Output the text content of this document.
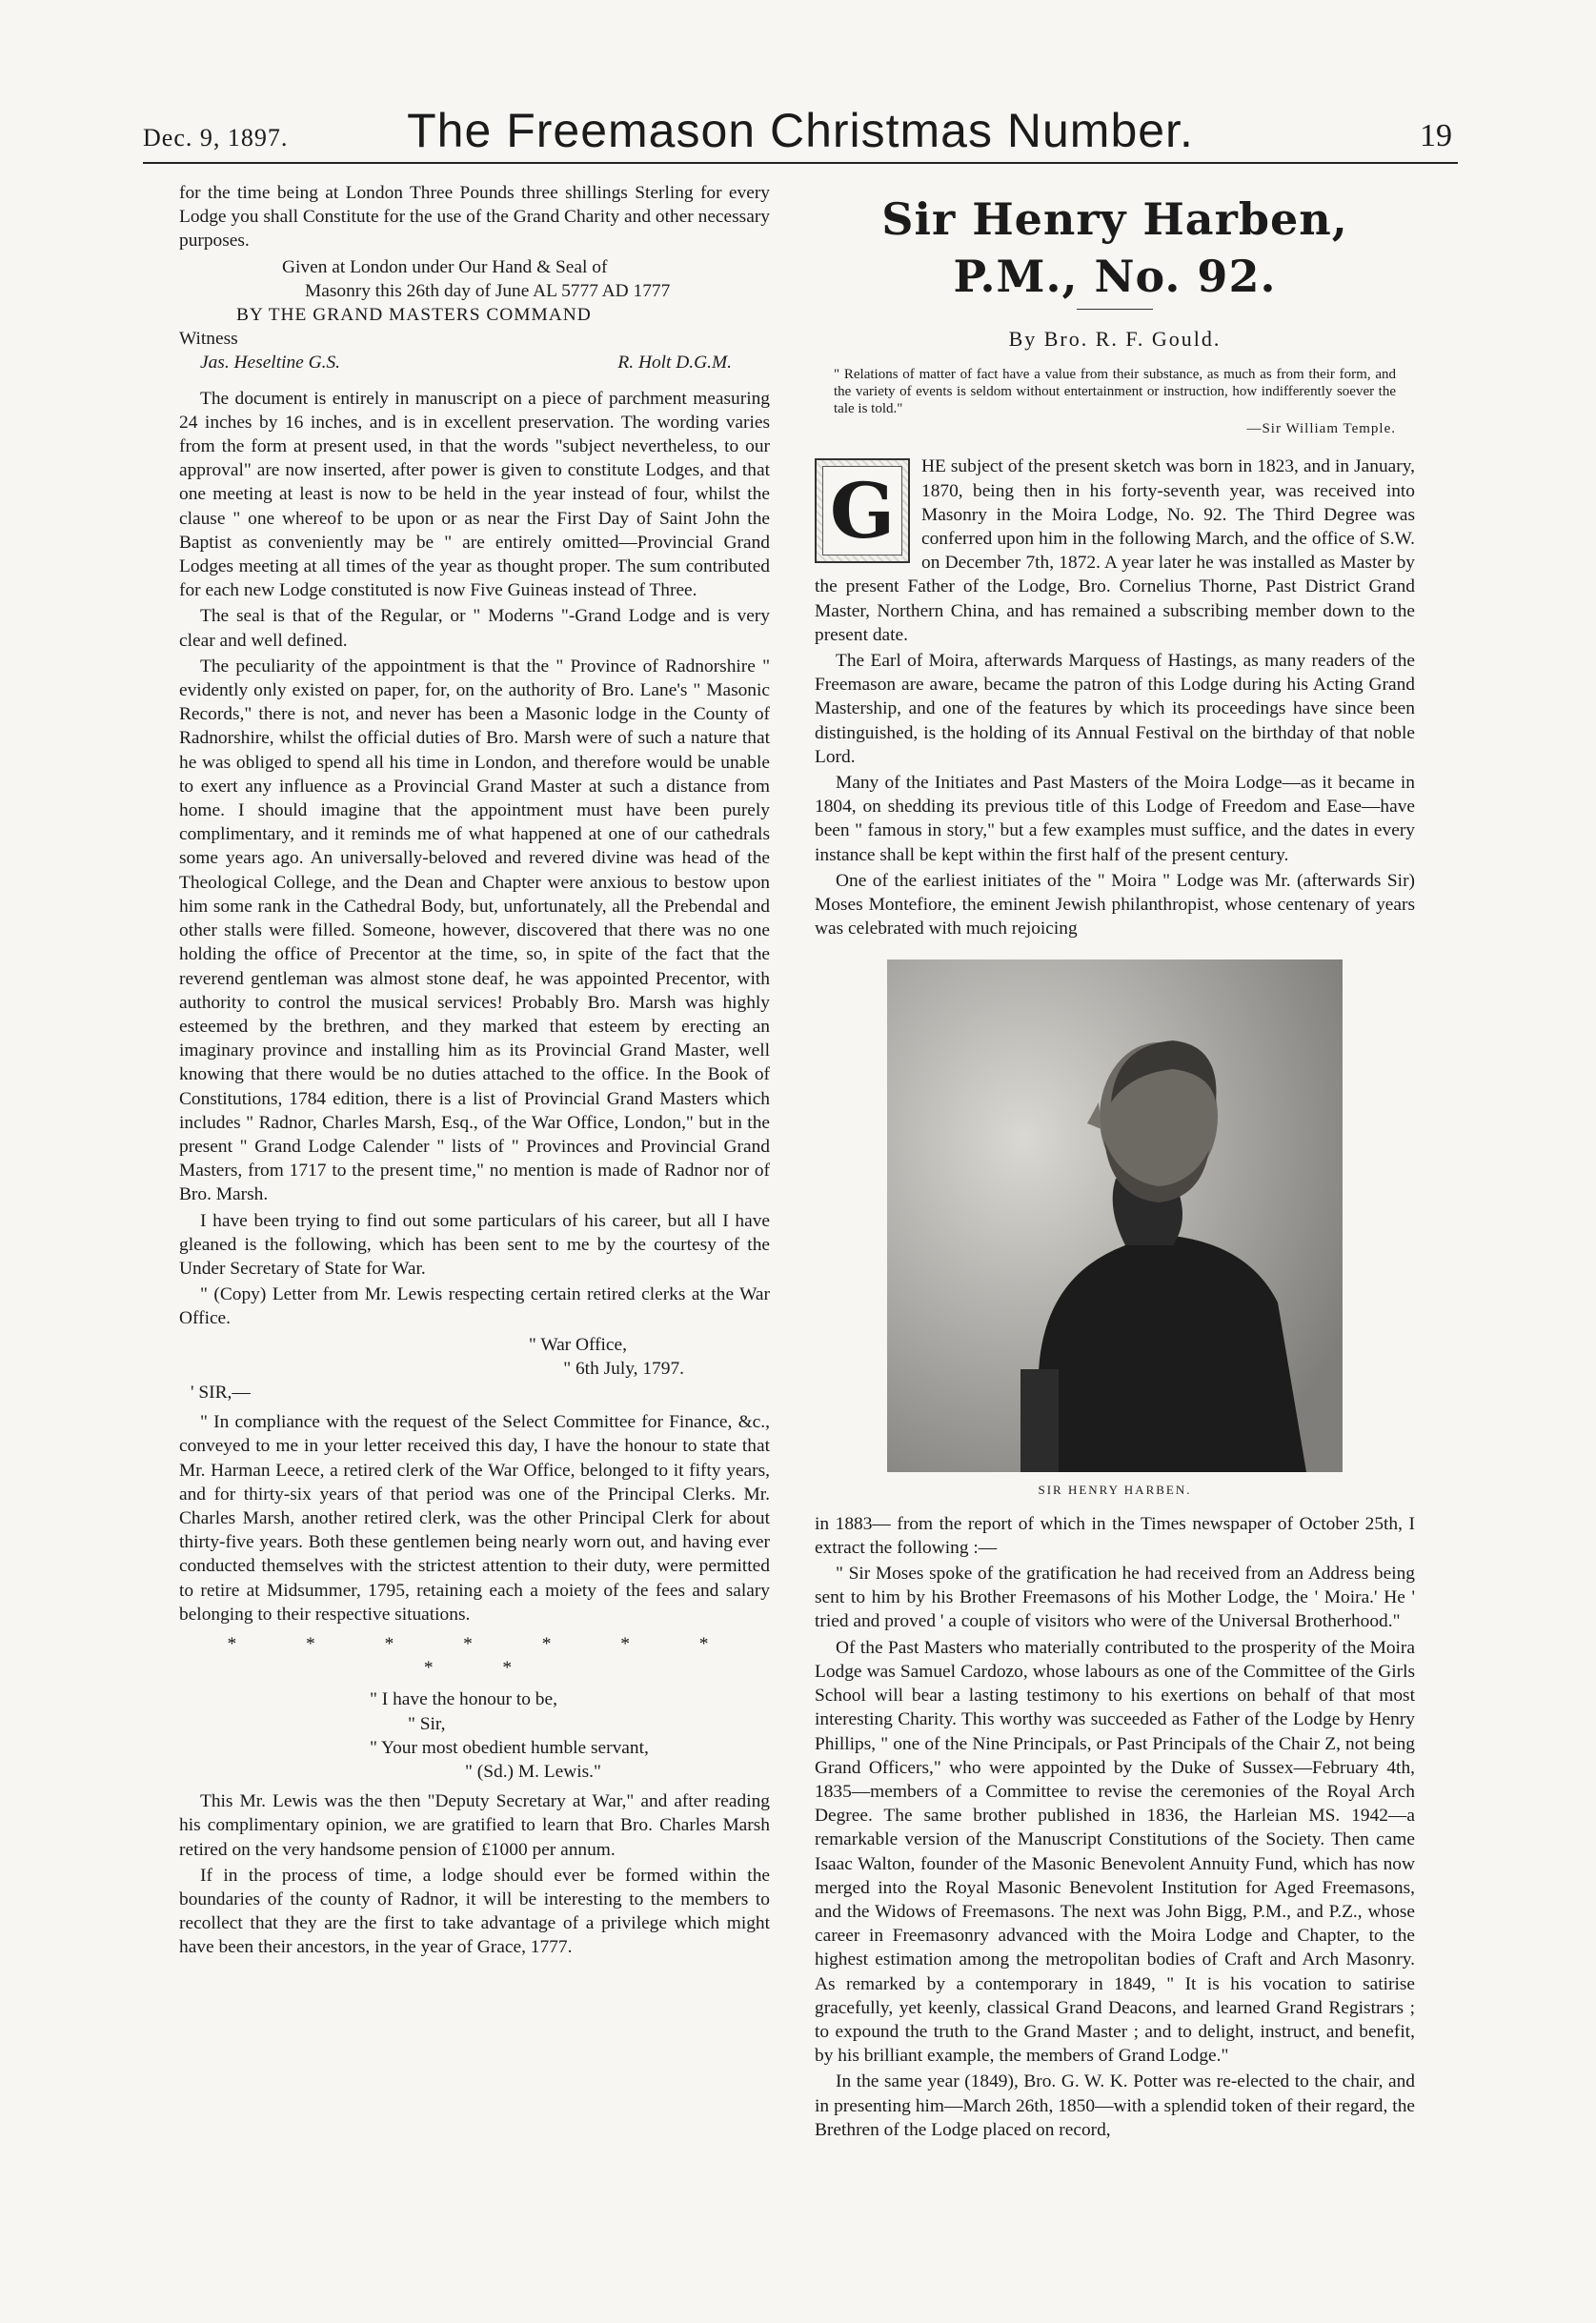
Dec. 9, 1897.	The Freemason Christmas Number.	19

for the time being at London Three Pounds three shillings Sterling for every Lodge you shall Constitute for the use of the Grand Charity and other necessary purposes.

Given at London under Our Hand & Seal of
Masonry this 26th day of June AL 5777 AD 1777
BY THE GRAND MASTERS COMMAND
Witness
Jas. Heseltine G.S.	R. Holt D.G.M.

The document is entirely in manuscript on a piece of parchment measuring 24 inches by 16 inches, and is in excellent preservation. The wording varies from the form at present used, in that the words "subject nevertheless, to our approval" are now inserted, after power is given to constitute Lodges, and that one meeting at least is now to be held in the year instead of four, whilst the clause " one whereof to be upon or as near the First Day of Saint John the Baptist as conveniently may be " are entirely omitted—Provincial Grand Lodges meeting at all times of the year as thought proper. The sum contributed for each new Lodge constituted is now Five Guineas instead of Three.

The seal is that of the Regular, or " Moderns "-Grand Lodge and is very clear and well defined.

The peculiarity of the appointment is that the " Province of Radnorshire " evidently only existed on paper, for, on the authority of Bro. Lane's " Masonic Records," there is not, and never has been a Masonic lodge in the County of Radnorshire, whilst the official duties of Bro. Marsh were of such a nature that he was obliged to spend all his time in London, and therefore would be unable to exert any influence as a Provincial Grand Master at such a distance from home. I should imagine that the appointment must have been purely complimentary, and it reminds me of what happened at one of our cathedrals some years ago. An universally-beloved and revered divine was head of the Theological College, and the Dean and Chapter were anxious to bestow upon him some rank in the Cathedral Body, but, unfortunately, all the Prebendal and other stalls were filled. Someone, however, discovered that there was no one holding the office of Precentor at the time, so, in spite of the fact that the reverend gentleman was almost stone deaf, he was appointed Precentor, with authority to control the musical services! Probably Bro. Marsh was highly esteemed by the brethren, and they marked that esteem by erecting an imaginary province and installing him as its Provincial Grand Master, well knowing that there would be no duties attached to the office. In the Book of Constitutions, 1784 edition, there is a list of Provincial Grand Masters which includes " Radnor, Charles Marsh, Esq., of the War Office, London," but in the present " Grand Lodge Calender " lists of " Provinces and Provincial Grand Masters, from 1717 to the present time," no mention is made of Radnor nor of Bro. Marsh.

I have been trying to find out some particulars of his career, but all I have gleaned is the following, which has been sent to me by the courtesy of the Under Secretary of State for War.

" (Copy) Letter from Mr. Lewis respecting certain retired clerks at the War Office.

" War Office,
" 6th July, 1797.
' SIR,—

" In compliance with the request of the Select Committee for Finance, &c., conveyed to me in your letter received this day, I have the honour to state that Mr. Harman Leece, a retired clerk of the War Office, belonged to it fifty years, and for thirty-six years of that period was one of the Principal Clerks. Mr. Charles Marsh, another retired clerk, was the other Principal Clerk for about thirty-five years. Both these gentlemen being nearly worn out, and having ever conducted themselves with the strictest attention to their duty, were permitted to retire at Midsummer, 1795, retaining each a moiety of the fees and salary belonging to their respective situations.

* * * * * * * * *
" I have the honour to be,
" Sir,
" Your most obedient humble servant,
" (Sd.) M. Lewis."

This Mr. Lewis was the then "Deputy Secretary at War," and after reading his complimentary opinion, we are gratified to learn that Bro. Charles Marsh retired on the very handsome pension of £1000 per annum.

If in the process of time, a lodge should ever be formed within the boundaries of the county of Radnor, it will be interesting to the members to recollect that they are the first to take advantage of a privilege which might have been their ancestors, in the year of Grace, 1777.

Sir Henry Harben, P.M., No. 92.
By Bro. R. F. Gould.
" Relations of matter of fact have a value from their substance, as much as from their form, and the variety of events is seldom without entertainment or instruction, how indifferently soever the tale is told."
—Sir William Temple.
G	HE subject of the present sketch was born in 1823, and in January, 1870, being then in his forty-seventh year, was received into Masonry in the Moira Lodge, No. 92. The Third Degree was conferred upon him in the following March, and the office of S.W. on December 7th, 1872. A year later he was installed as Master by the present Father of the Lodge, Bro. Cornelius Thorne, Past District Grand Master, Northern China, and has remained a subscribing member down to the present date.

The Earl of Moira, afterwards Marquess of Hastings, as many readers of the Freemason are aware, became the patron of this Lodge during his Acting Grand Mastership, and one of the features by which its proceedings have since been distinguished, is the holding of its Annual Festival on the birthday of that noble Lord.

Many of the Initiates and Past Masters of the Moira Lodge—as it became in 1804, on shedding its previous title of this Lodge of Freedom and Ease—have been " famous in story," but a few examples must suffice, and the dates in every instance shall be kept within the first half of the present century.

One of the earliest initiates of the " Moira " Lodge was Mr. (afterwards Sir) Moses Montefiore, the eminent Jewish philanthropist, whose centenary of years was celebrated with much rejoicing

SIR HENRY HARBEN.

in 1883— from the report of which in the Times newspaper of October 25th, I extract the following :—

" Sir Moses spoke of the gratification he had received from an Address being sent to him by his Brother Freemasons of his Mother Lodge, the ' Moira.' He ' tried and proved ' a couple of visitors who were of the Universal Brotherhood."

Of the Past Masters who materially contributed to the prosperity of the Moira Lodge was Samuel Cardozo, whose labours as one of the Committee of the Girls School will bear a lasting testimony to his exertions on behalf of that most interesting Charity. This worthy was succeeded as Father of the Lodge by Henry Phillips, " one of the Nine Principals, or Past Principals of the Chair Z, not being Grand Officers," who were appointed by the Duke of Sussex—February 4th, 1835—members of a Committee to revise the ceremonies of the Royal Arch Degree. The same brother published in 1836, the Harleian MS. 1942—a remarkable version of the Manuscript Constitutions of the Society. Then came Isaac Walton, founder of the Masonic Benevolent Annuity Fund, which has now merged into the Royal Masonic Benevolent Institution for Aged Freemasons, and the Widows of Freemasons. The next was John Bigg, P.M., and P.Z., whose career in Freemasonry advanced with the Moira Lodge and Chapter, to the highest estimation among the metropolitan bodies of Craft and Arch Masonry. As remarked by a contemporary in 1849, " It is his vocation to satirise gracefully, yet keenly, classical Grand Deacons, and learned Grand Registrars ; to expound the truth to the Grand Master ; and to delight, instruct, and benefit, by his brilliant example, the members of Grand Lodge."

In the same year (1849), Bro. G. W. K. Potter was re-elected to the chair, and in presenting him—March 26th, 1850—with a splendid token of their regard, the Brethren of the Lodge placed on record,
